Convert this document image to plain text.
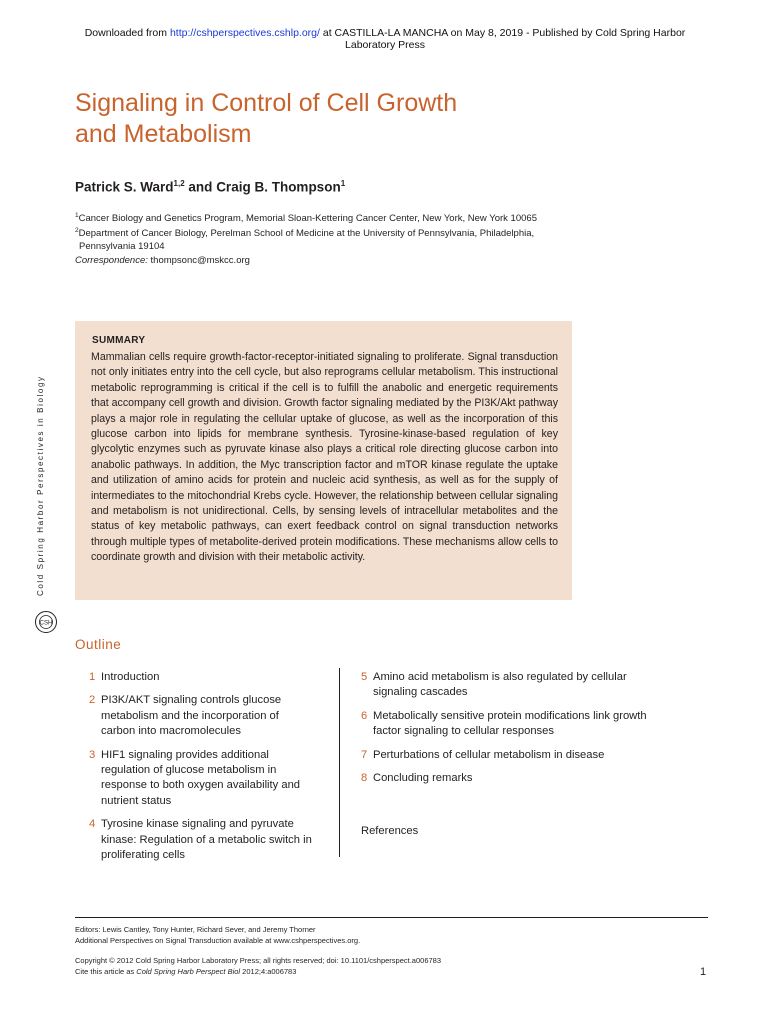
Downloaded from http://cshperspectives.cshlp.org/ at CASTILLA-LA MANCHA on May 8, 2019 - Published by Cold Spring Harbor
Laboratory Press
Signaling in Control of Cell Growth
and Metabolism
Patrick S. Ward$^{1,2}$ and Craig B. Thompson$^1$
$^1$Cancer Biology and Genetics Program, Memorial Sloan-Kettering Cancer Center, New York, New York 10065
$^2$Department of Cancer Biology, Perelman School of Medicine at the University of Pennsylvania, Philadelphia,
Pennsylvania 19104
Correspondence: thompsonc@mskcc.org
SUMMARY
Mammalian cells require growth-factor-receptor-initiated signaling to proliferate. Signal transduction not only initiates entry into the cell cycle, but also reprograms cellular metabolism. This instructional metabolic reprogramming is critical if the cell is to fulfill the anabolic and energetic requirements that accompany cell growth and division. Growth factor signaling mediated by the PI3K/Akt pathway plays a major role in regulating the cellular uptake of glucose, as well as the incorporation of this glucose carbon into lipids for membrane synthesis. Tyrosine-kinase-based regulation of key glycolytic enzymes such as pyruvate kinase also plays a critical role directing glucose carbon into anabolic pathways. In addition, the Myc transcription factor and mTOR kinase regulate the uptake and utilization of amino acids for protein and nucleic acid synthesis, as well as for the supply of intermediates to the mitochondrial Krebs cycle. However, the relationship between cellular signaling and metabolism is not unidirectional. Cells, by sensing levels of intracellular metabolites and the status of key metabolic pathways, can exert feedback control on signal transduction networks through multiple types of metabolite-derived protein modifications. These mechanisms allow cells to coordinate growth and division with their metabolic activity.
Cold Spring Harbor Perspectives in Biology
CSH
Outline
1 Introduction
2 PI3K/AKT signaling controls glucose metabolism and the incorporation of carbon into macromolecules
3 HIF1 signaling provides additional regulation of glucose metabolism in response to both oxygen availability and nutrient status
4 Tyrosine kinase signaling and pyruvate kinase: Regulation of a metabolic switch in proliferating cells
5 Amino acid metabolism is also regulated by cellular signaling cascades
6 Metabolically sensitive protein modifications link growth factor signaling to cellular responses
7 Perturbations of cellular metabolism in disease
8 Concluding remarks
References
Editors: Lewis Cantley, Tony Hunter, Richard Sever, and Jeremy Thorner
Additional Perspectives on Signal Transduction available at www.cshperspectives.org.
Copyright © 2012 Cold Spring Harbor Laboratory Press; all rights reserved; doi: 10.1101/cshperspect.a006783
Cite this article as Cold Spring Harb Perspect Biol 2012;4:a006783	1
